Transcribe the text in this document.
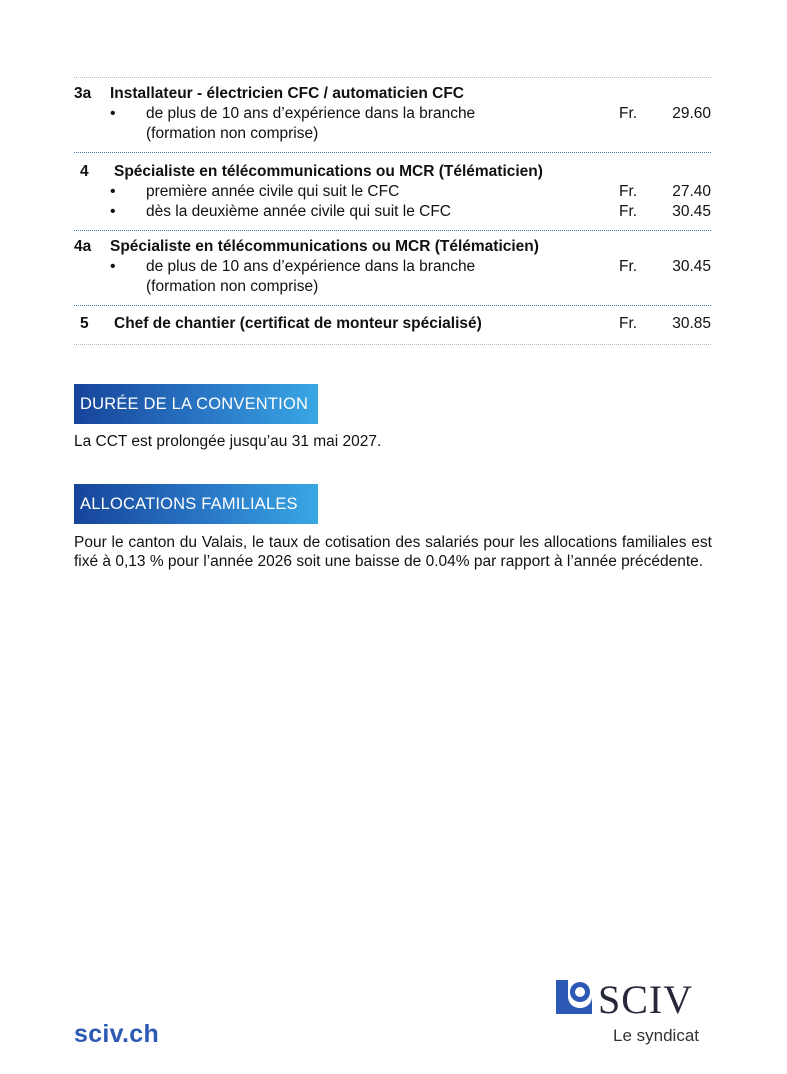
3a	Installateur - électricien CFC / automaticien CFC
•
de plus de 10 ans d’expérience dans la branche	Fr.	29.60
(formation non comprise)
4	Spécialiste en télécommunications ou MCR (Télématicien)
•
première année civile qui suit le CFC	Fr.	27.40
•
dès la deuxième année civile qui suit le CFC	Fr.	30.45
4a	Spécialiste en télécommunications ou MCR (Télématicien)
•
de plus de 10 ans d’expérience dans la branche	Fr.	30.45
(formation non comprise)
5	Chef de chantier (certificat de monteur spécialisé)	Fr.	30.85
DURÉE DE LA CONVENTION
La CCT est prolongée jusqu’au 31 mai 2027.
ALLOCATIONS FAMILIALES
Pour le canton du Valais, le taux de cotisation des salariés pour les allocations familiales est fixé à 0,13 % pour l’année 2026 soit une baisse de 0.04% par rapport à l’année précédente.
sciv.ch
SCIV
Le syndicat
